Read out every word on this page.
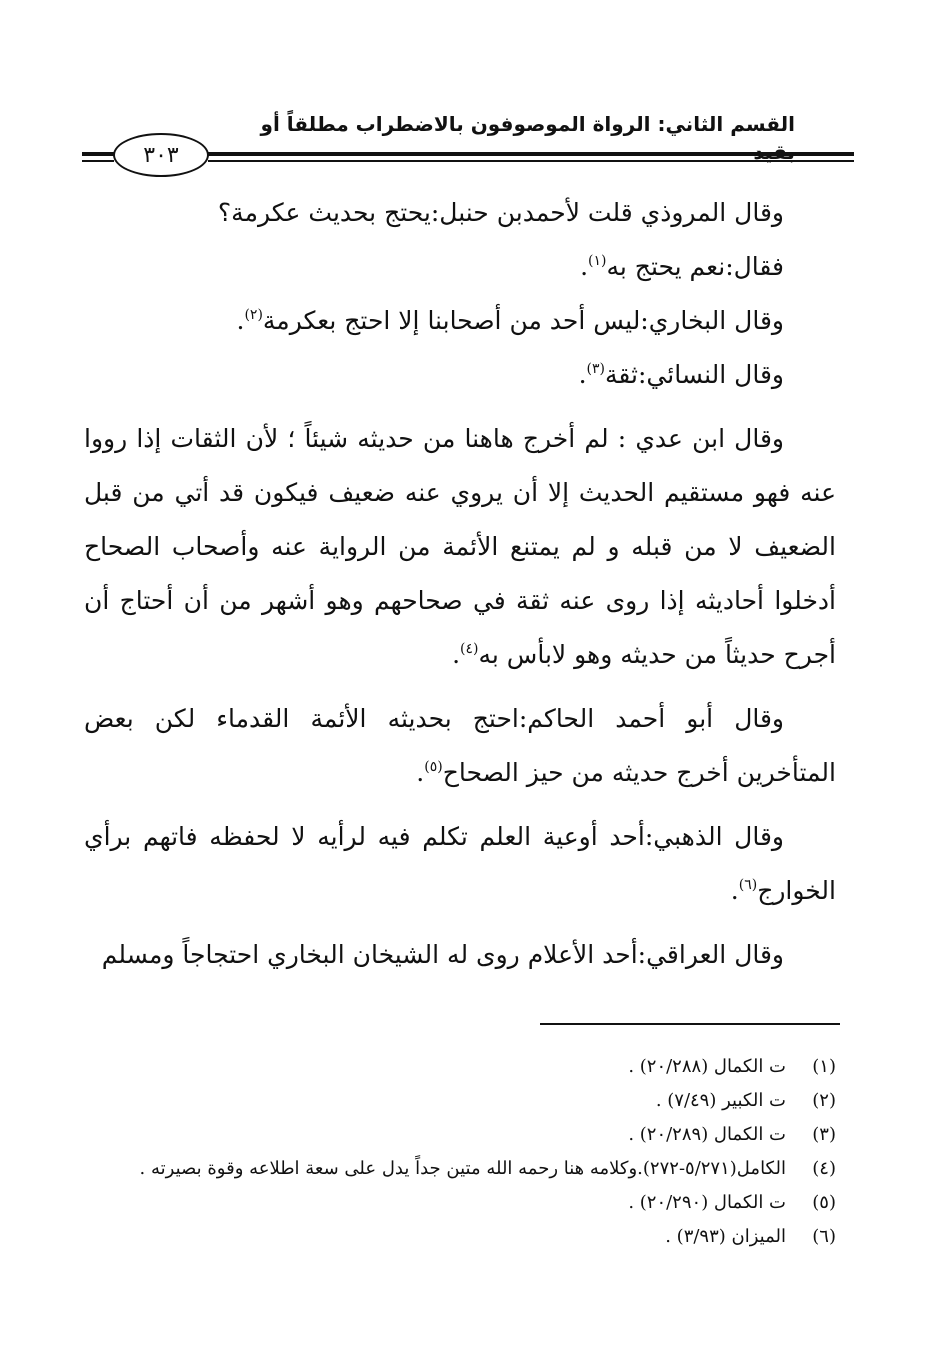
القسم الثاني: الرواة الموصوفون بالاضطراب مطلقاً أو
٣٠٣

وقال المروذي قلت لأحمدبن حنبل:يحتج بحديث عكرمة؟

فقال:نعم يحتج به$^{(١)}$.

وقال البخاري:ليس أحد من أصحابنا إلا احتج بعكرمة$^{(٢)}$.

وقال النسائي:ثقة$^{(٣)}$.

وقال ابن عدي : لم أخرج هاهنا من حديثه شيئاً ؛ لأن الثقات إذا رووا عنه فهو مستقيم الحديث إلا أن يروي عنه ضعيف فيكون قد أتي من قبل الضعيف لا من قبله و لم يمتنع الأئمة من الرواية عنه وأصحاب الصحاح أدخلوا أحاديثه إذا روى عنه ثقة في صحاحهم وهو أشهر من أن أحتاج أن أجرح حديثاً من حديثه وهو لابأس به$^{(٤)}$.

وقال أبو أحمد الحاكم:احتج بحديثه الأئمة القدماء لكن بعض المتأخرين أخرج حديثه من حيز الصحاح$^{(٥)}$.

وقال الذهبي:أحد أوعية العلم تكلم فيه لرأيه لا لحفظه فاتهم برأي الخوارج$^{(٦)}$.

وقال العراقي:أحد الأعلام روى له الشيخان البخاري احتجاجاً ومسلم

(١)
ت الكمال (٢٠/٢٨٨) .
(٢)
ت الكبير (٧/٤٩) .
(٣)
ت الكمال (٢٠/٢٨٩) .
(٤)
الكامل(٥/٢٧١-٢٧٢).وكلامه هنا رحمه الله متين جداً يدل على سعة اطلاعه وقوة بصيرته .
(٥)
ت الكمال (٢٠/٢٩٠) .
(٦)
الميزان (٣/٩٣) .
